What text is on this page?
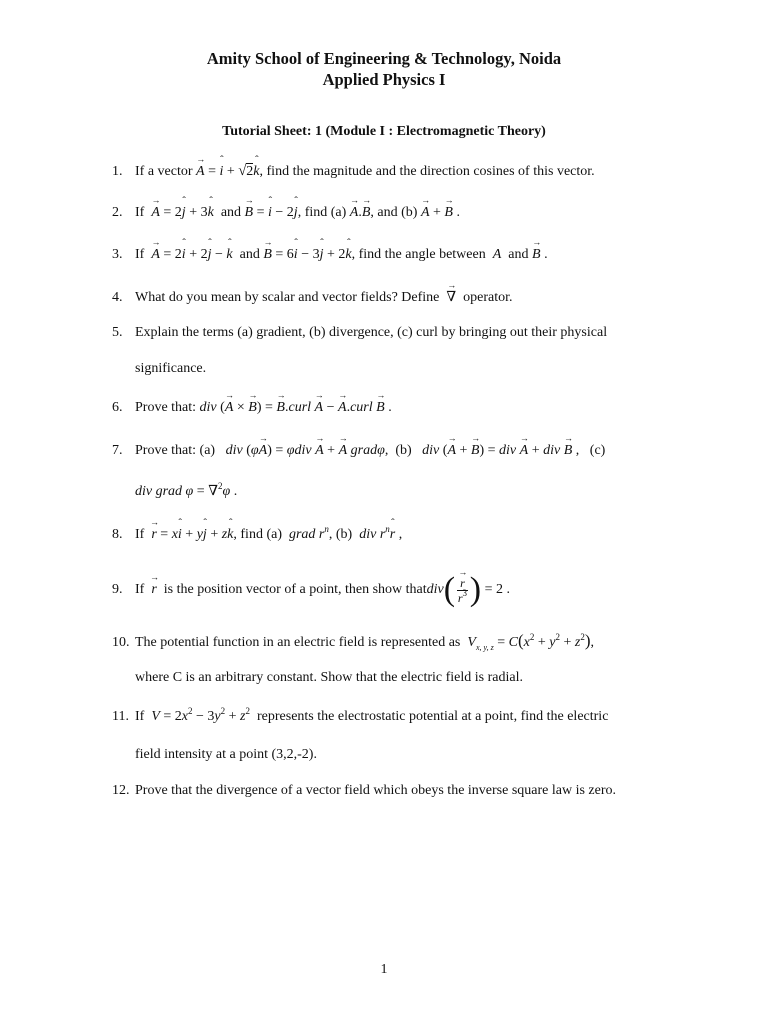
Amity School of Engineering & Technology, Noida
Applied Physics I
Tutorial Sheet: 1 (Module I : Electromagnetic Theory)
1. If a vector → A = ˆ i + √ 2ˆ k, find the magnitude and the direction cosines of this vector.
2. If → A = 2ˆ j + 3ˆ k and → B = ˆ i − 2ˆ j, find (a) → A.→ B, and (b) → A + → B .
3. If → A = 2ˆ i + 2ˆ j − ˆ k and → B = 6ˆ i − 3ˆ j + 2ˆ k, find the angle between A and → B .
4. What do you mean by scalar and vector fields? Define → ∇ operator.
5. Explain the terms (a) gradient, (b) divergence, (c) curl by bringing out their physical
significance.
6. Prove that: div (→ A × → B) = → B.curl → A − → A.curl → B .
7. Prove that: (a) div (φ→ A) = φdiv → A + → A gradφ,  (b) div (→ A + → B) = div → A + div → B ,   (c)
div grad φ = ∇$^2$φ .
8. If → r = xˆ i + yˆ j + zˆ k, find (a) grad $r^n$, (b) div $r^nˆ$ r ,
9. If → r is the position vector of a point, then show thatdiv( → $\frac{r}{r^3}$ ) = 2 .
10. The potential function in an electric field is represented as $V_{x, y, z} = C(x^2 + y^2 + z^2)$,
where C is an arbitrary constant. Show that the electric field is radial.
11. If $V = 2x^2 - 3y^2 + z^2$ represents the electrostatic potential at a point, find the electric
field intensity at a point (3,2,-2).
12. Prove that the divergence of a vector field which obeys the inverse square law is zero.
1
